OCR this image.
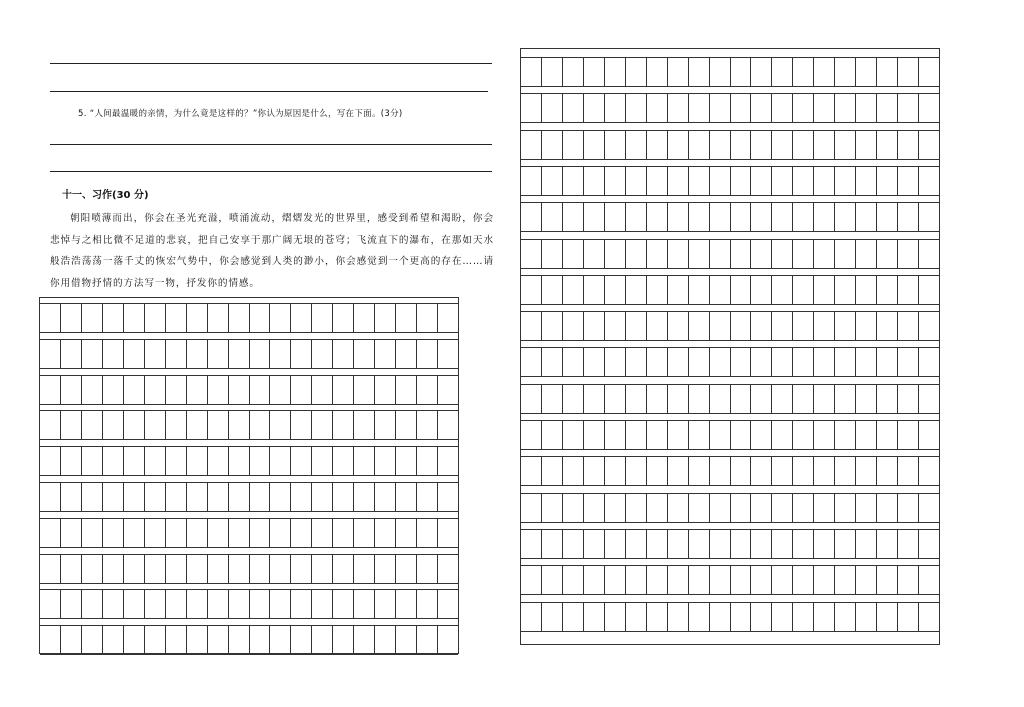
5. “人间最温暖的亲情，为什么竟是这样的？”你认为原因是什么，写在下面。(3分)
十一、习作(30 分)
朝阳喷薄而出，你会在圣光充溢，喷涌流动，熠熠发光的世界里，感受到希望和渴盼，你会悲悼与之相比微不足道的悲哀，把自己安享于那广阔无垠的苍穹；飞流直下的瀑布，在那如天水般浩浩荡荡一落千丈的恢宏气势中，你会感觉到人类的渺小，你会感觉到一个更高的存在……请你用借物抒情的方法写一物，抒发你的情感。
